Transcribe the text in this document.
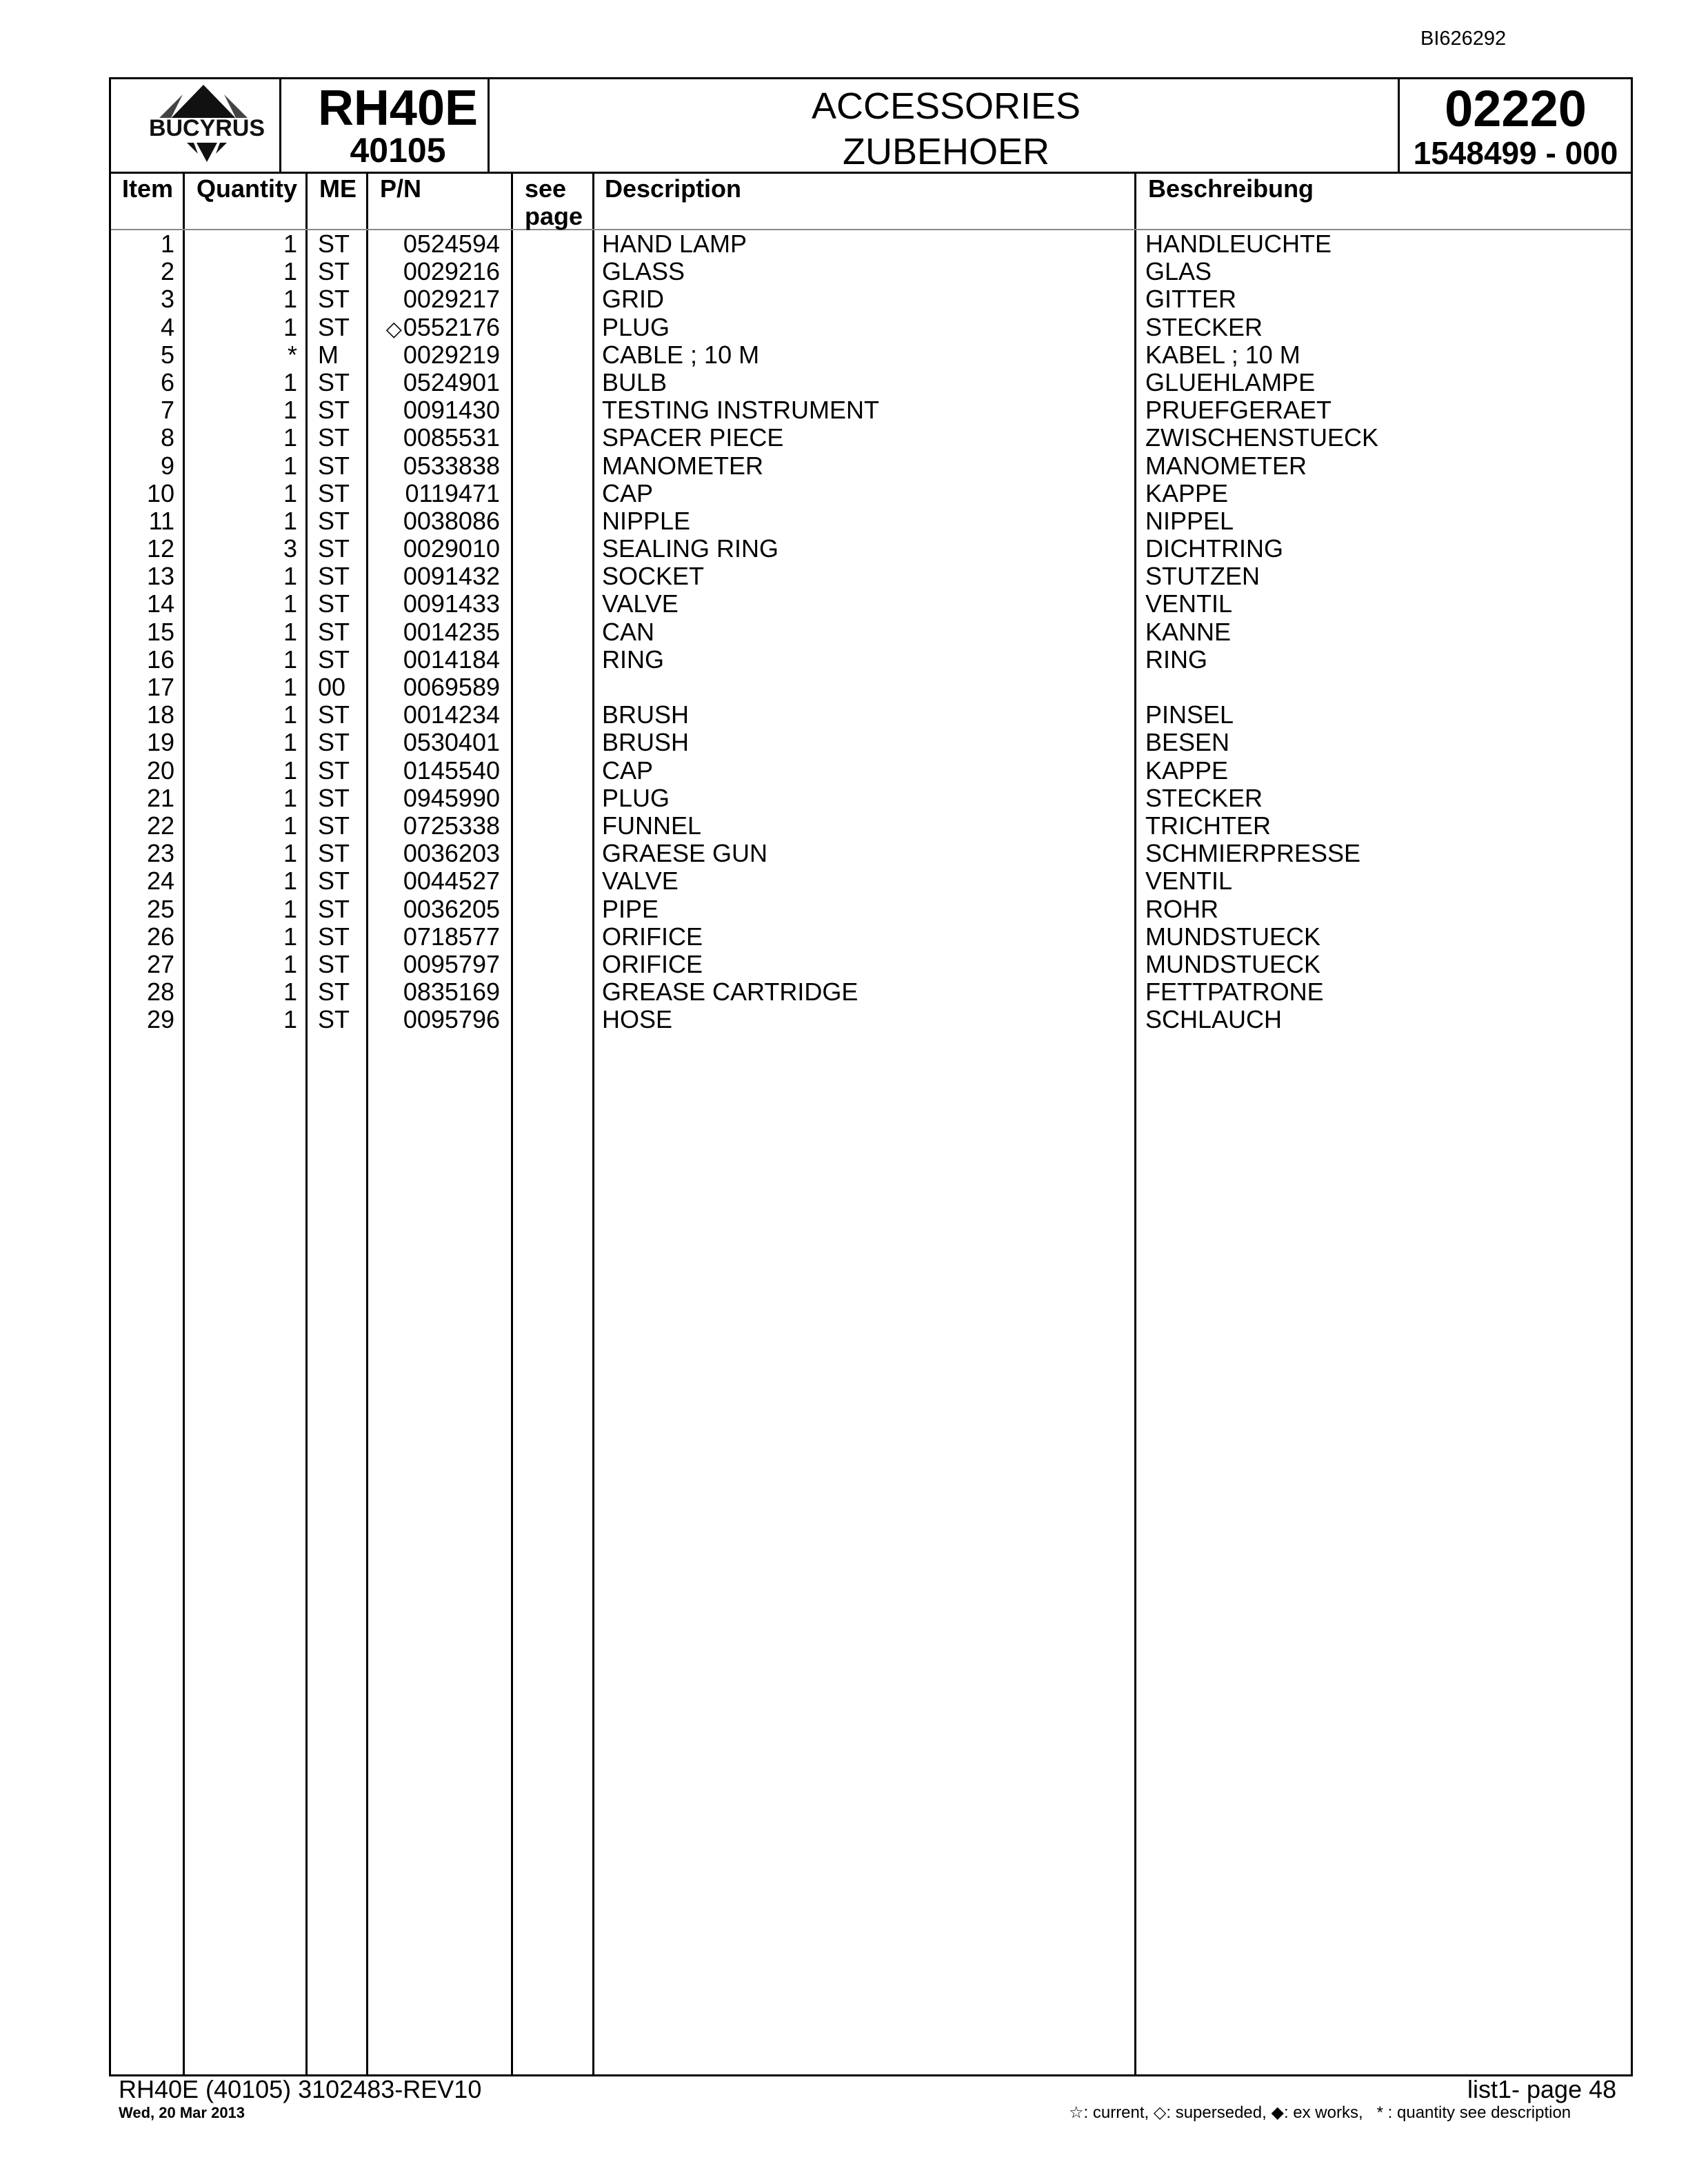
BI626292
BUCYRUS	RH40E
40105
ACCESSORIES
ZUBEHOER
02220
1548499 - 000
Item Quantity ME P/N	see
page
Description	Beschreibung
1	1 ST 0524594	HAND LAMP	HANDLEUCHTE
2	1 ST 0029216	GLASS	GLAS
3	1 ST 0029217	GRID	GITTER
4	1 ST ◇0552176	PLUG	STECKER
5	* M	0029219	CABLE ; 10 M	KABEL ; 10 M
6	1 ST 0524901	BULB	GLUEHLAMPE
7	1 ST 0091430	TESTING INSTRUMENT	PRUEFGERAET
8	1 ST 0085531	SPACER PIECE	ZWISCHENSTUECK
9	1 ST 0533838	MANOMETER	MANOMETER
10	1 ST 0119471	CAP	KAPPE
11	1 ST 0038086	NIPPLE	NIPPEL
12	3 ST 0029010	SEALING RING	DICHTRING
13	1 ST 0091432	SOCKET	STUTZEN
14	1 ST 0091433	VALVE	VENTIL
15	1 ST 0014235	CAN	KANNE
16	1 ST 0014184	RING	RING
17	1 00 0069589
18	1 ST 0014234	BRUSH	PINSEL
19	1 ST 0530401	BRUSH	BESEN
20	1 ST 0145540	CAP	KAPPE
21	1 ST 0945990	PLUG	STECKER
22	1 ST 0725338	FUNNEL	TRICHTER
23	1 ST 0036203	GRAESE GUN	SCHMIERPRESSE
24	1 ST 0044527	VALVE	VENTIL
25	1 ST 0036205	PIPE	ROHR
26	1 ST 0718577	ORIFICE	MUNDSTUECK
27	1 ST 0095797	ORIFICE	MUNDSTUECK
28	1 ST 0835169	GREASE CARTRIDGE	FETTPATRONE
29	1 ST 0095796	HOSE	SCHLAUCH
RH40E (40105) 3102483-REV10
Wed, 20 Mar 2013
list1- page 48
☆: current, ◇: superseded, ◆: ex works, * : quantity see description
